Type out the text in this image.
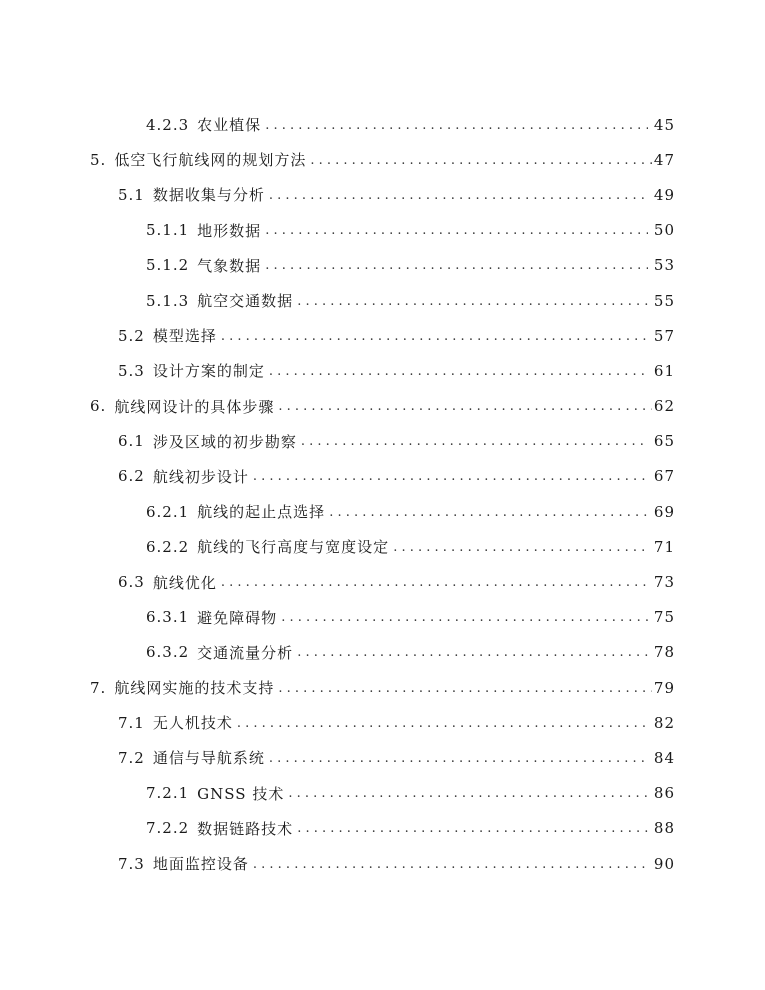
4.2.3 农业植保 . . .	45
5. 低空飞行航线网的规划方法 . . .	47
5.1 数据收集与分析 . . .	49
5.1.1 地形数据 . . .	50
5.1.2 气象数据 . . .	53
5.1.3 航空交通数据 . . .	55
5.2 模型选择 . . .	57
5.3 设计方案的制定 . . .	61
6. 航线网设计的具体步骤 . . .	62
6.1 涉及区域的初步勘察 . . .	65
6.2 航线初步设计 . . .	67
6.2.1 航线的起止点选择 . . .	69
6.2.2 航线的飞行高度与宽度设定 . . .	71
6.3 航线优化 . . .	73
6.3.1 避免障碍物 . . .	75
6.3.2 交通流量分析 . . .	78
7. 航线网实施的技术支持 . . .	79
7.1 无人机技术 . . .	82
7.2 通信与导航系统 . . .	84
7.2.1 GNSS 技术 . . .	86
7.2.2 数据链路技术 . . .	88
7.3 地面监控设备 . . .	90
